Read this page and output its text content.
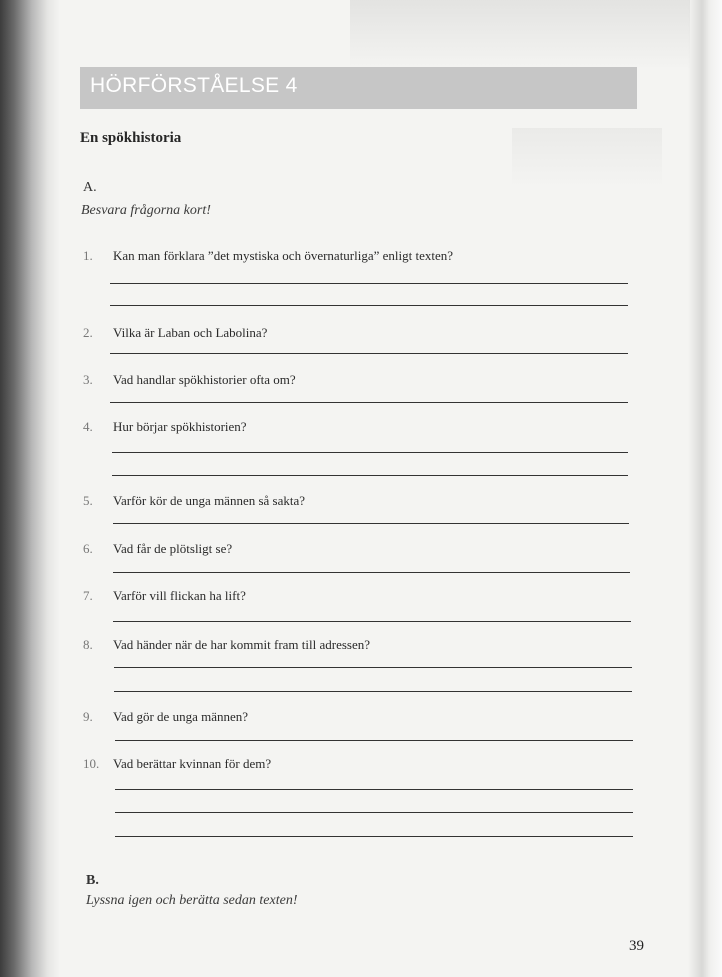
HÖRFÖRSTÅELSE 4
En spökhistoria
A.
Besvara frågorna kort!
1. Kan man förklara ”det mystiska och övernaturliga” enligt texten?
2. Vilka är Laban och Labolina?
3. Vad handlar spökhistorier ofta om?
4. Hur börjar spökhistorien?
5. Varför kör de unga männen så sakta?
6. Vad får de plötsligt se?
7. Varför vill flickan ha lift?
8. Vad händer när de har kommit fram till adressen?
9. Vad gör de unga männen?
10. Vad berättar kvinnan för dem?
B.
Lyssna igen och berätta sedan texten!
39
